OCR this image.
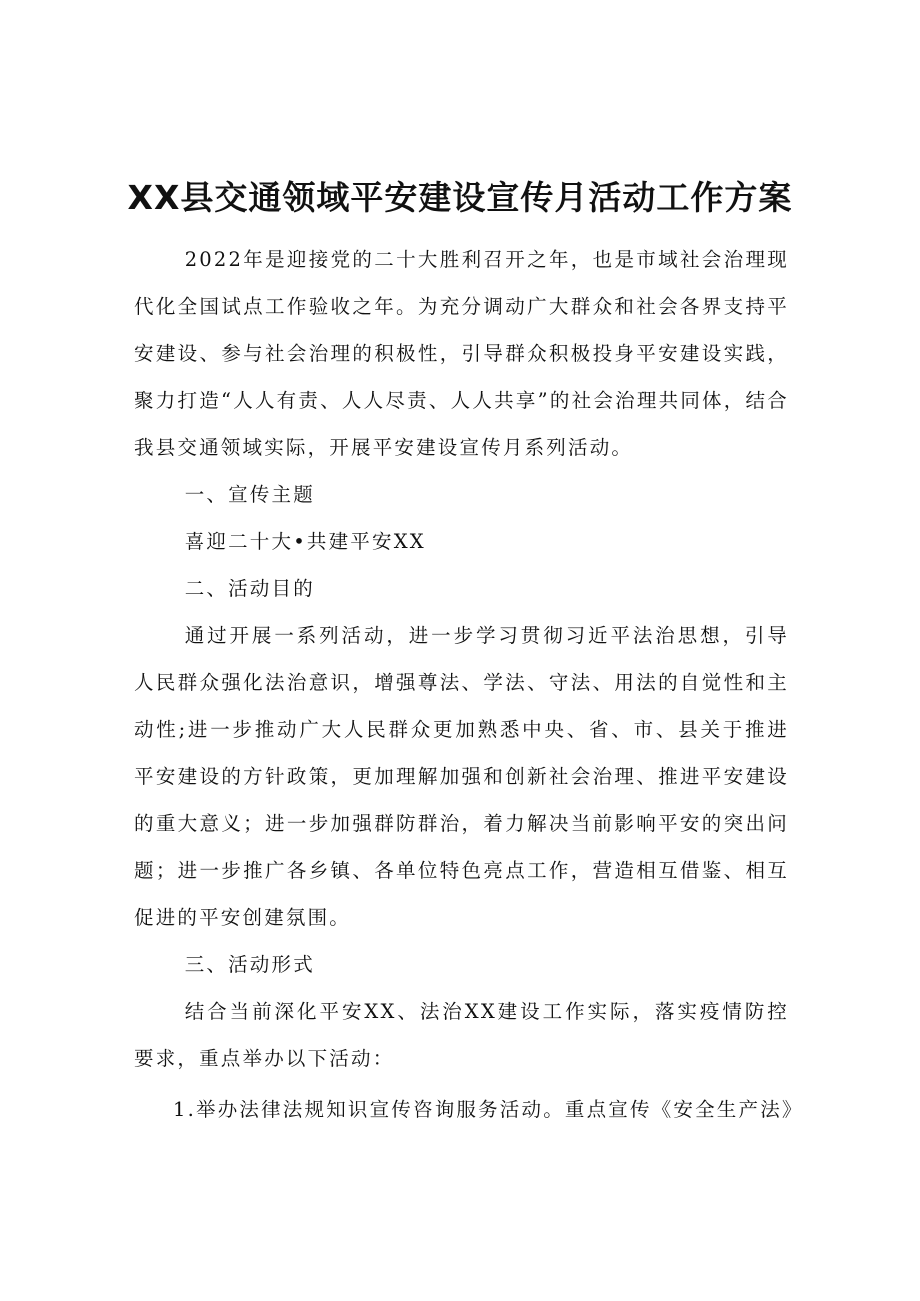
XX县交通领域平安建设宣传月活动工作方案

2022年是迎接党的二十大胜利召开之年，也是市域社会治理现代化全国试点工作验收之年。为充分调动广大群众和社会各界支持平安建设、参与社会治理的积极性，引导群众积极投身平安建设实践，聚力打造“人人有责、人人尽责、人人共享”的社会治理共同体，结合我县交通领域实际，开展平安建设宣传月系列活动。

一、宣传主题

喜迎二十大•共建平安XX

二、活动目的

通过开展一系列活动，进一步学习贯彻习近平法治思想，引导人民群众强化法治意识，增强尊法、学法、守法、用法的自觉性和主动性;进一步推动广大人民群众更加熟悉中央、省、市、县关于推进平安建设的方针政策，更加理解加强和创新社会治理、推进平安建设的重大意义；进一步加强群防群治，着力解决当前影响平安的突出问题；进一步推广各乡镇、各单位特色亮点工作，营造相互借鉴、相互促进的平安创建氛围。

三、活动形式

结合当前深化平安XX、法治XX建设工作实际，落实疫情防控要求，重点举办以下活动：

1.举办法律法规知识宣传咨询服务活动。重点宣传《安全生产法》
